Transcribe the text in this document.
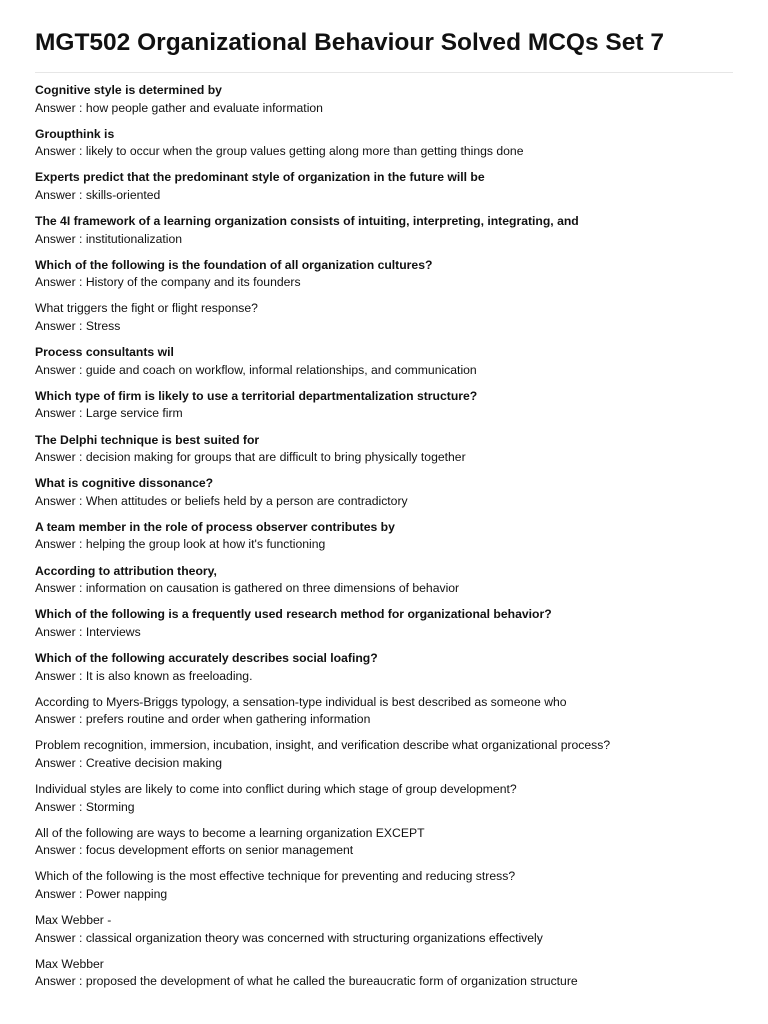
MGT502 Organizational Behaviour Solved MCQs Set 7
Cognitive style is determined by
Answer : how people gather and evaluate information
Groupthink is
Answer : likely to occur when the group values getting along more than getting things done
Experts predict that the predominant style of organization in the future will be
Answer : skills-oriented
The 4I framework of a learning organization consists of intuiting, interpreting, integrating, and
Answer : institutionalization
Which of the following is the foundation of all organization cultures?
Answer : History of the company and its founders
What triggers the fight or flight response?
Answer : Stress
Process consultants wil
Answer : guide and coach on workflow, informal relationships, and communication
Which type of firm is likely to use a territorial departmentalization structure?
Answer : Large service firm
The Delphi technique is best suited for
Answer : decision making for groups that are difficult to bring physically together
What is cognitive dissonance?
Answer : When attitudes or beliefs held by a person are contradictory
A team member in the role of process observer contributes by
Answer : helping the group look at how it's functioning
According to attribution theory,
Answer : information on causation is gathered on three dimensions of behavior
Which of the following is a frequently used research method for organizational behavior?
Answer : Interviews
Which of the following accurately describes social loafing?
Answer : It is also known as freeloading.
According to Myers-Briggs typology, a sensation-type individual is best described as someone who
Answer : prefers routine and order when gathering information
Problem recognition, immersion, incubation, insight, and verification describe what organizational process?
Answer : Creative decision making
Individual styles are likely to come into conflict during which stage of group development?
Answer : Storming
All of the following are ways to become a learning organization EXCEPT
Answer : focus development efforts on senior management
Which of the following is the most effective technique for preventing and reducing stress?
Answer : Power napping
Max Webber -
Answer : classical organization theory was concerned with structuring organizations effectively
Max Webber
Answer : proposed the development of what he called the bureaucratic form of organization structure
